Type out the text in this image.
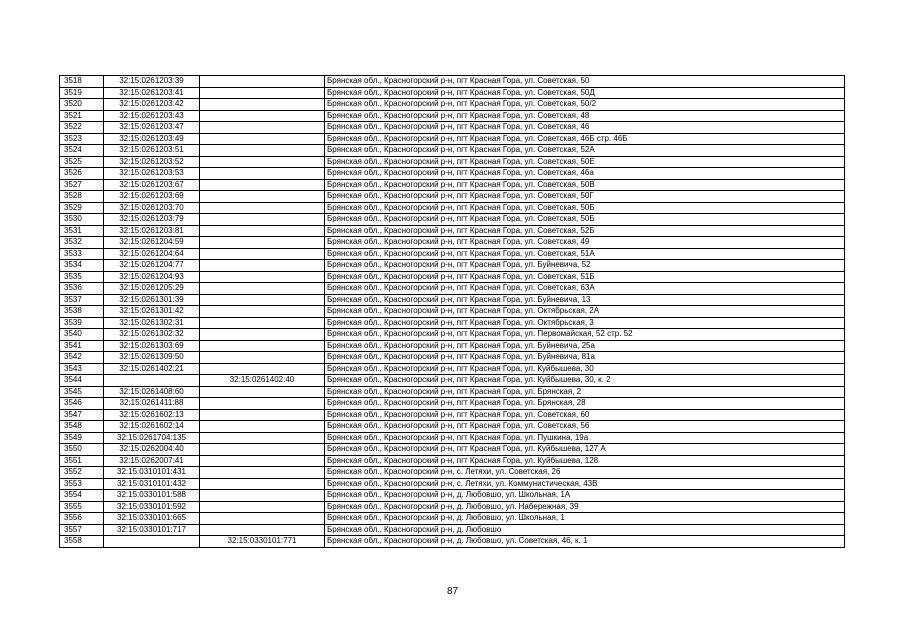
3518	32:15:0261203:39		Брянская обл., Красногорский р-н, пгт Красная Гора, ул. Советская, 50
3519	32:15:0261203:41		Брянская обл., Красногорский р-н, пгт Красная Гора, ул. Советская, 50Д
3520	32:15:0261203:42		Брянская обл., Красногорский р-н, пгт Красная Гора, ул. Советская, 50/2
3521	32:15:0261203:43		Брянская обл., Красногорский р-н, пгт Красная Гора, ул. Советская, 48
3522	32:15:0261203:47		Брянская обл., Красногорский р-н, пгт Красная Гора, ул. Советская, 46
3523	32:15:0261203:49		Брянская обл., Красногорский р-н, пгт Красная Гора, ул. Советская, 46Б стр. 46Б
3524	32:15:0261203:51		Брянская обл., Красногорский р-н, пгт Красная Гора, ул. Советская, 52А
3525	32:15:0261203:52		Брянская обл., Красногорский р-н, пгт Красная Гора, ул. Советская, 50Е
3526	32:15:0261203:53		Брянская обл., Красногорский р-н, пгт Красная Гора, ул. Советская, 46а
3527	32:15:0261203:67		Брянская обл., Красногорский р-н, пгт Красная Гора, ул. Советская, 50В
3528	32:15:0261203:69		Брянская обл., Красногорский р-н, пгт Красная Гора, ул. Советская, 50Г
3529	32:15:0261203:70		Брянская обл., Красногорский р-н, пгт Красная Гора, ул. Советская, 50Б
3530	32:15:0261203:79		Брянская обл., Красногорский р-н, пгт Красная Гора, ул. Советская, 50Б
3531	32:15:0261203:81		Брянская обл., Красногорский р-н, пгт Красная Гора, ул. Советская, 52Б
3532	32:15:0261204:59		Брянская обл., Красногорский р-н, пгт Красная Гора, ул. Советская, 49
3533	32:15:0261204:64		Брянская обл., Красногорский р-н, пгт Красная Гора, ул. Советская, 51А
3534	32:15:0261204:77		Брянская обл., Красногорский р-н, пгт Красная Гора, ул. Буйневича, 52
3535	32:15:0261204:93		Брянская обл., Красногорский р-н, пгт Красная Гора, ул. Советская, 51Б
3536	32:15:0261205:29		Брянская обл., Красногорский р-н, пгт Красная Гора, ул. Советская, 63А
3537	32:15:0261301:39		Брянская обл., Красногорский р-н, пгт Красная Гора, ул. Буйневича, 13
3538	32:15:0261301:42		Брянская обл., Красногорский р-н, пгт Красная Гора, ул. Октябрьская, 2А
3539	32:15:0261302:31		Брянская обл., Красногорский р-н, пгт Красная Гора, ул. Октябрьская, 3
3540	32:15:0261302:32		Брянская обл., Красногорский р-н, пгт Красная Гора, ул. Первомайская, 52 стр. 52
3541	32:15:0261303:69		Брянская обл., Красногорский р-н, пгт Красная Гора, ул. Буйневича, 25а
3542	32:15:0261309:50		Брянская обл., Красногорский р-н, пгт Красная Гора, ул. Буйневича, 81а
3543	32:15:0261402:21		Брянская обл., Красногорский р-н, пгт Красная Гора, ул. Куйбышева, 30
3544		32:15:0261402:40	Брянская обл., Красногорский р-н, пгт Красная Гора, ул. Куйбышева, 30, к. 2
3545	32:15:0261408:60		Брянская обл., Красногорский р-н, пгт Красная Гора, ул. Брянская, 2
3546	32:15:0261411:88		Брянская обл., Красногорский р-н, пгт Красная Гора, ул. Брянская, 28
3547	32:15:0261602:13		Брянская обл., Красногорский р-н, пгт Красная Гора, ул. Советская, 60
3548	32:15:0261602:14		Брянская обл., Красногорский р-н, пгт Красная Гора, ул. Советская, 56
3549	32:15:0261704:135		Брянская обл., Красногорский р-н, пгт Красная Гора, ул. Пушкина, 19а
3550	32:15:0262004:40		Брянская обл., Красногорский р-н, пгт Красная Гора, ул. Куйбышева, 127 А
3551	32:15:0262007:41		Брянская обл., Красногорский р-н, пгт Красная Гора, ул. Куйбышева, 128
3552	32:15:0310101:431		Брянская обл., Красногорский р-н, с. Летяхи, ул. Советская, 26
3553	32:15:0310101:432		Брянская обл., Красногорский р-н, с. Летяхи, ул. Коммунистическая, 43В
3554	32:15:0330101:588		Брянская обл., Красногорский р-н, д. Любовшо, ул. Школьная, 1А
3555	32:15:0330101:592		Брянская обл., Красногорский р-н, д. Любовшо, ул. Набережная, 39
3556	32:15:0330101:665		Брянская обл., Красногорский р-н, д. Любовшо, ул. Школьная, 1
3557	32:15:0330101:717		Брянская обл., Красногорский р-н, д. Любовшо
3558		32:15:0330101:771	Брянская обл., Красногорский р-н, д. Любовшо, ул. Советская, 46, к. 1
87
